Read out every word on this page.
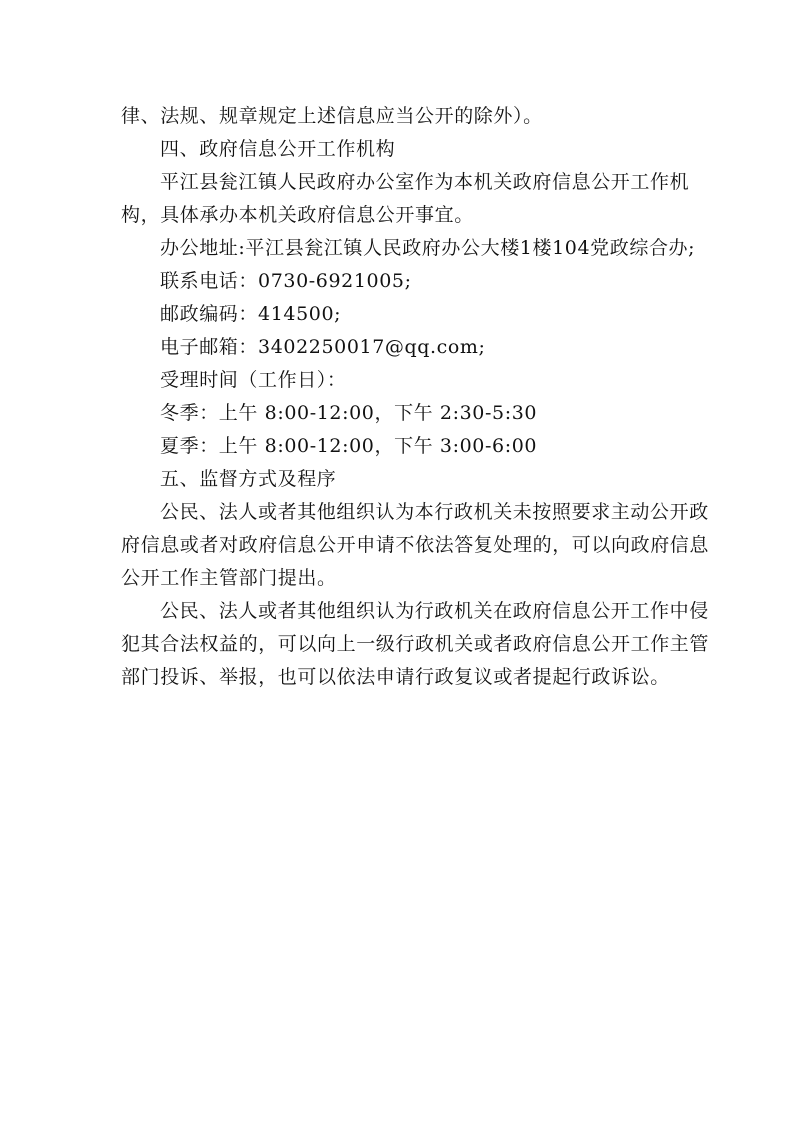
律、法规、规章规定上述信息应当公开的除外）。
四、政府信息公开工作机构
平江县瓮江镇人民政府办公室作为本机关政府信息公开工作机
构，具体承办本机关政府信息公开事宜。
办公地址:平江县瓮江镇人民政府办公大楼1楼104党政综合办;
联系电话：0730-6921005;
邮政编码：414500;
电子邮箱：3402250017@qq.com;
受理时间（工作日）：
冬季：上午 8:00-12:00，下午 2:30-5:30
夏季：上午 8:00-12:00，下午 3:00-6:00
五、监督方式及程序
公民、法人或者其他组织认为本行政机关未按照要求主动公开政
府信息或者对政府信息公开申请不依法答复处理的，可以向政府信息
公开工作主管部门提出。
公民、法人或者其他组织认为行政机关在政府信息公开工作中侵
犯其合法权益的，可以向上一级行政机关或者政府信息公开工作主管
部门投诉、举报，也可以依法申请行政复议或者提起行政诉讼。
